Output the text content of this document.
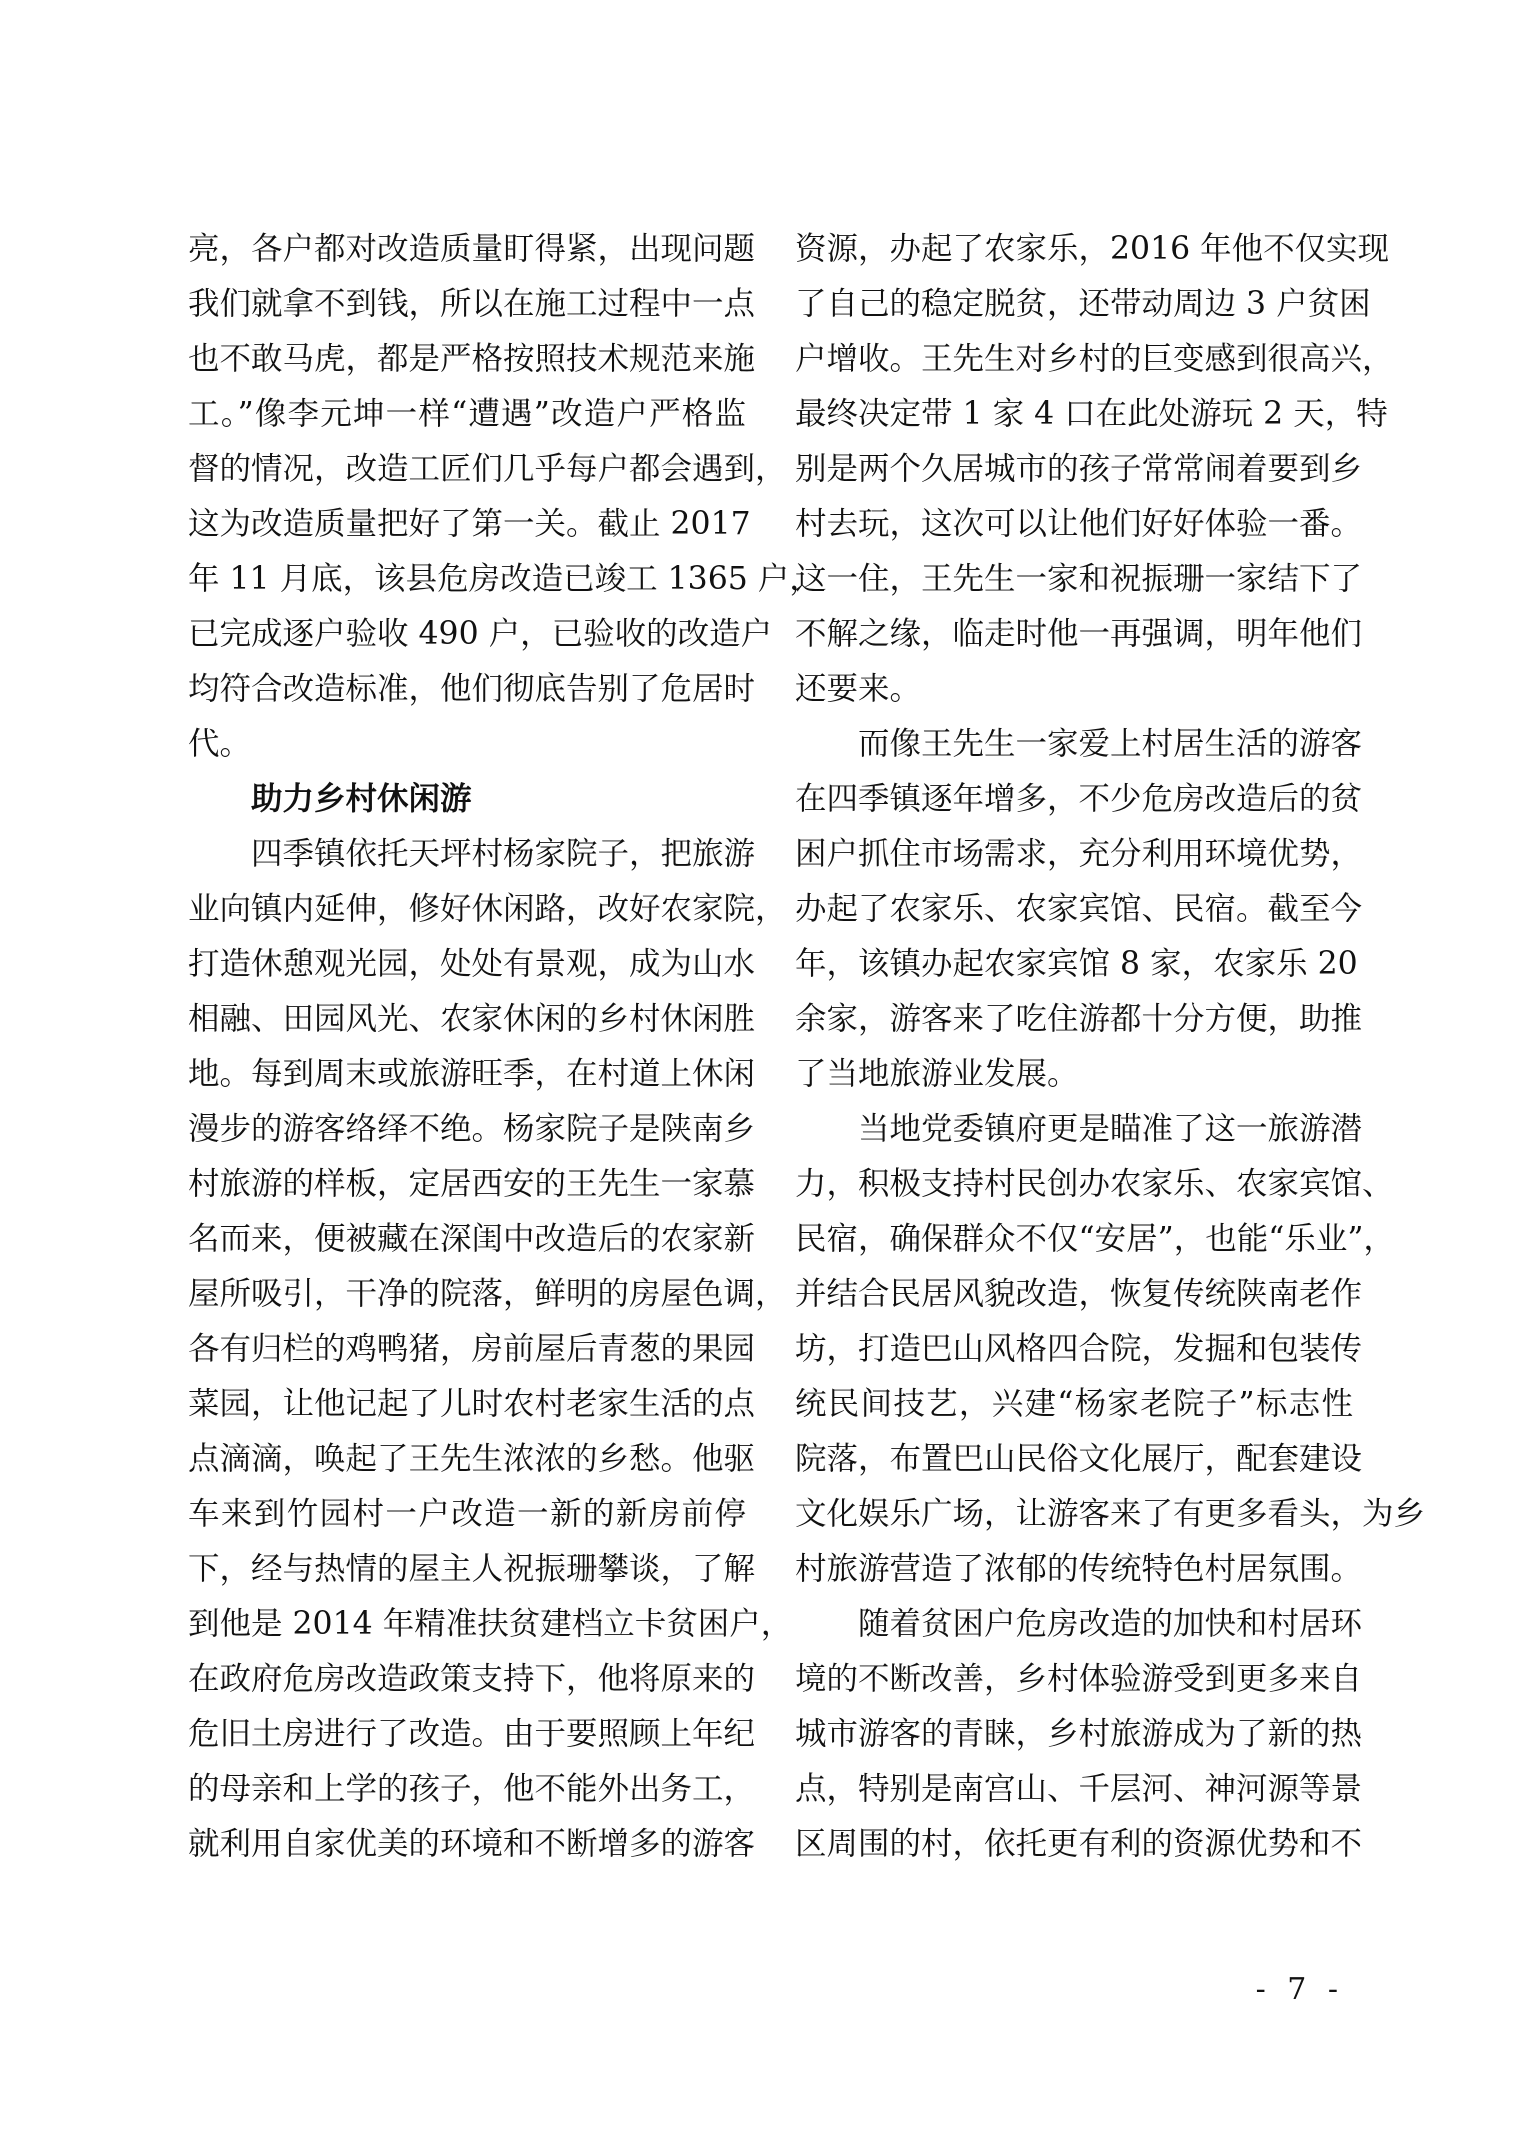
亮，各户都对改造质量盯得紧，出现问题
我们就拿不到钱，所以在施工过程中一点
也不敢马虎，都是严格按照技术规范来施
工。”像李元坤一样“遭遇”改造户严格监
督的情况，改造工匠们几乎每户都会遇到，
这为改造质量把好了第一关。截止 2017
年 11 月底，该县危房改造已竣工 1365 户，
已完成逐户验收 490 户，已验收的改造户
均符合改造标准，他们彻底告别了危居时
代。
助力乡村休闲游
四季镇依托天坪村杨家院子，把旅游
业向镇内延伸，修好休闲路，改好农家院，
打造休憩观光园，处处有景观，成为山水
相融、田园风光、农家休闲的乡村休闲胜
地。每到周末或旅游旺季，在村道上休闲
漫步的游客络绎不绝。杨家院子是陕南乡
村旅游的样板，定居西安的王先生一家慕
名而来，便被藏在深闺中改造后的农家新
屋所吸引，干净的院落，鲜明的房屋色调，
各有归栏的鸡鸭猪，房前屋后青葱的果园
菜园，让他记起了儿时农村老家生活的点
点滴滴，唤起了王先生浓浓的乡愁。他驱
车来到竹园村一户改造一新的新房前停
下，经与热情的屋主人祝振珊攀谈，了解
到他是 2014 年精准扶贫建档立卡贫困户，
在政府危房改造政策支持下，他将原来的
危旧土房进行了改造。由于要照顾上年纪
的母亲和上学的孩子，他不能外出务工，
就利用自家优美的环境和不断增多的游客
资源，办起了农家乐，2016 年他不仅实现
了自己的稳定脱贫，还带动周边 3 户贫困
户增收。王先生对乡村的巨变感到很高兴，
最终决定带 1 家 4 口在此处游玩 2 天，特
别是两个久居城市的孩子常常闹着要到乡
村去玩，这次可以让他们好好体验一番。
这一住，王先生一家和祝振珊一家结下了
不解之缘，临走时他一再强调，明年他们
还要来。
而像王先生一家爱上村居生活的游客
在四季镇逐年增多，不少危房改造后的贫
困户抓住市场需求，充分利用环境优势，
办起了农家乐、农家宾馆、民宿。截至今
年，该镇办起农家宾馆 8 家，农家乐 20
余家，游客来了吃住游都十分方便，助推
了当地旅游业发展。
当地党委镇府更是瞄准了这一旅游潜
力，积极支持村民创办农家乐、农家宾馆、
民宿，确保群众不仅“安居”，也能“乐业”，
并结合民居风貌改造，恢复传统陕南老作
坊，打造巴山风格四合院，发掘和包装传
统民间技艺，兴建“杨家老院子”标志性
院落，布置巴山民俗文化展厅，配套建设
文化娱乐广场，让游客来了有更多看头，为乡
村旅游营造了浓郁的传统特色村居氛围。
随着贫困户危房改造的加快和村居环
境的不断改善，乡村体验游受到更多来自
城市游客的青睐，乡村旅游成为了新的热
点，特别是南宫山、千层河、神河源等景
区周围的村，依托更有利的资源优势和不
- 7 -
